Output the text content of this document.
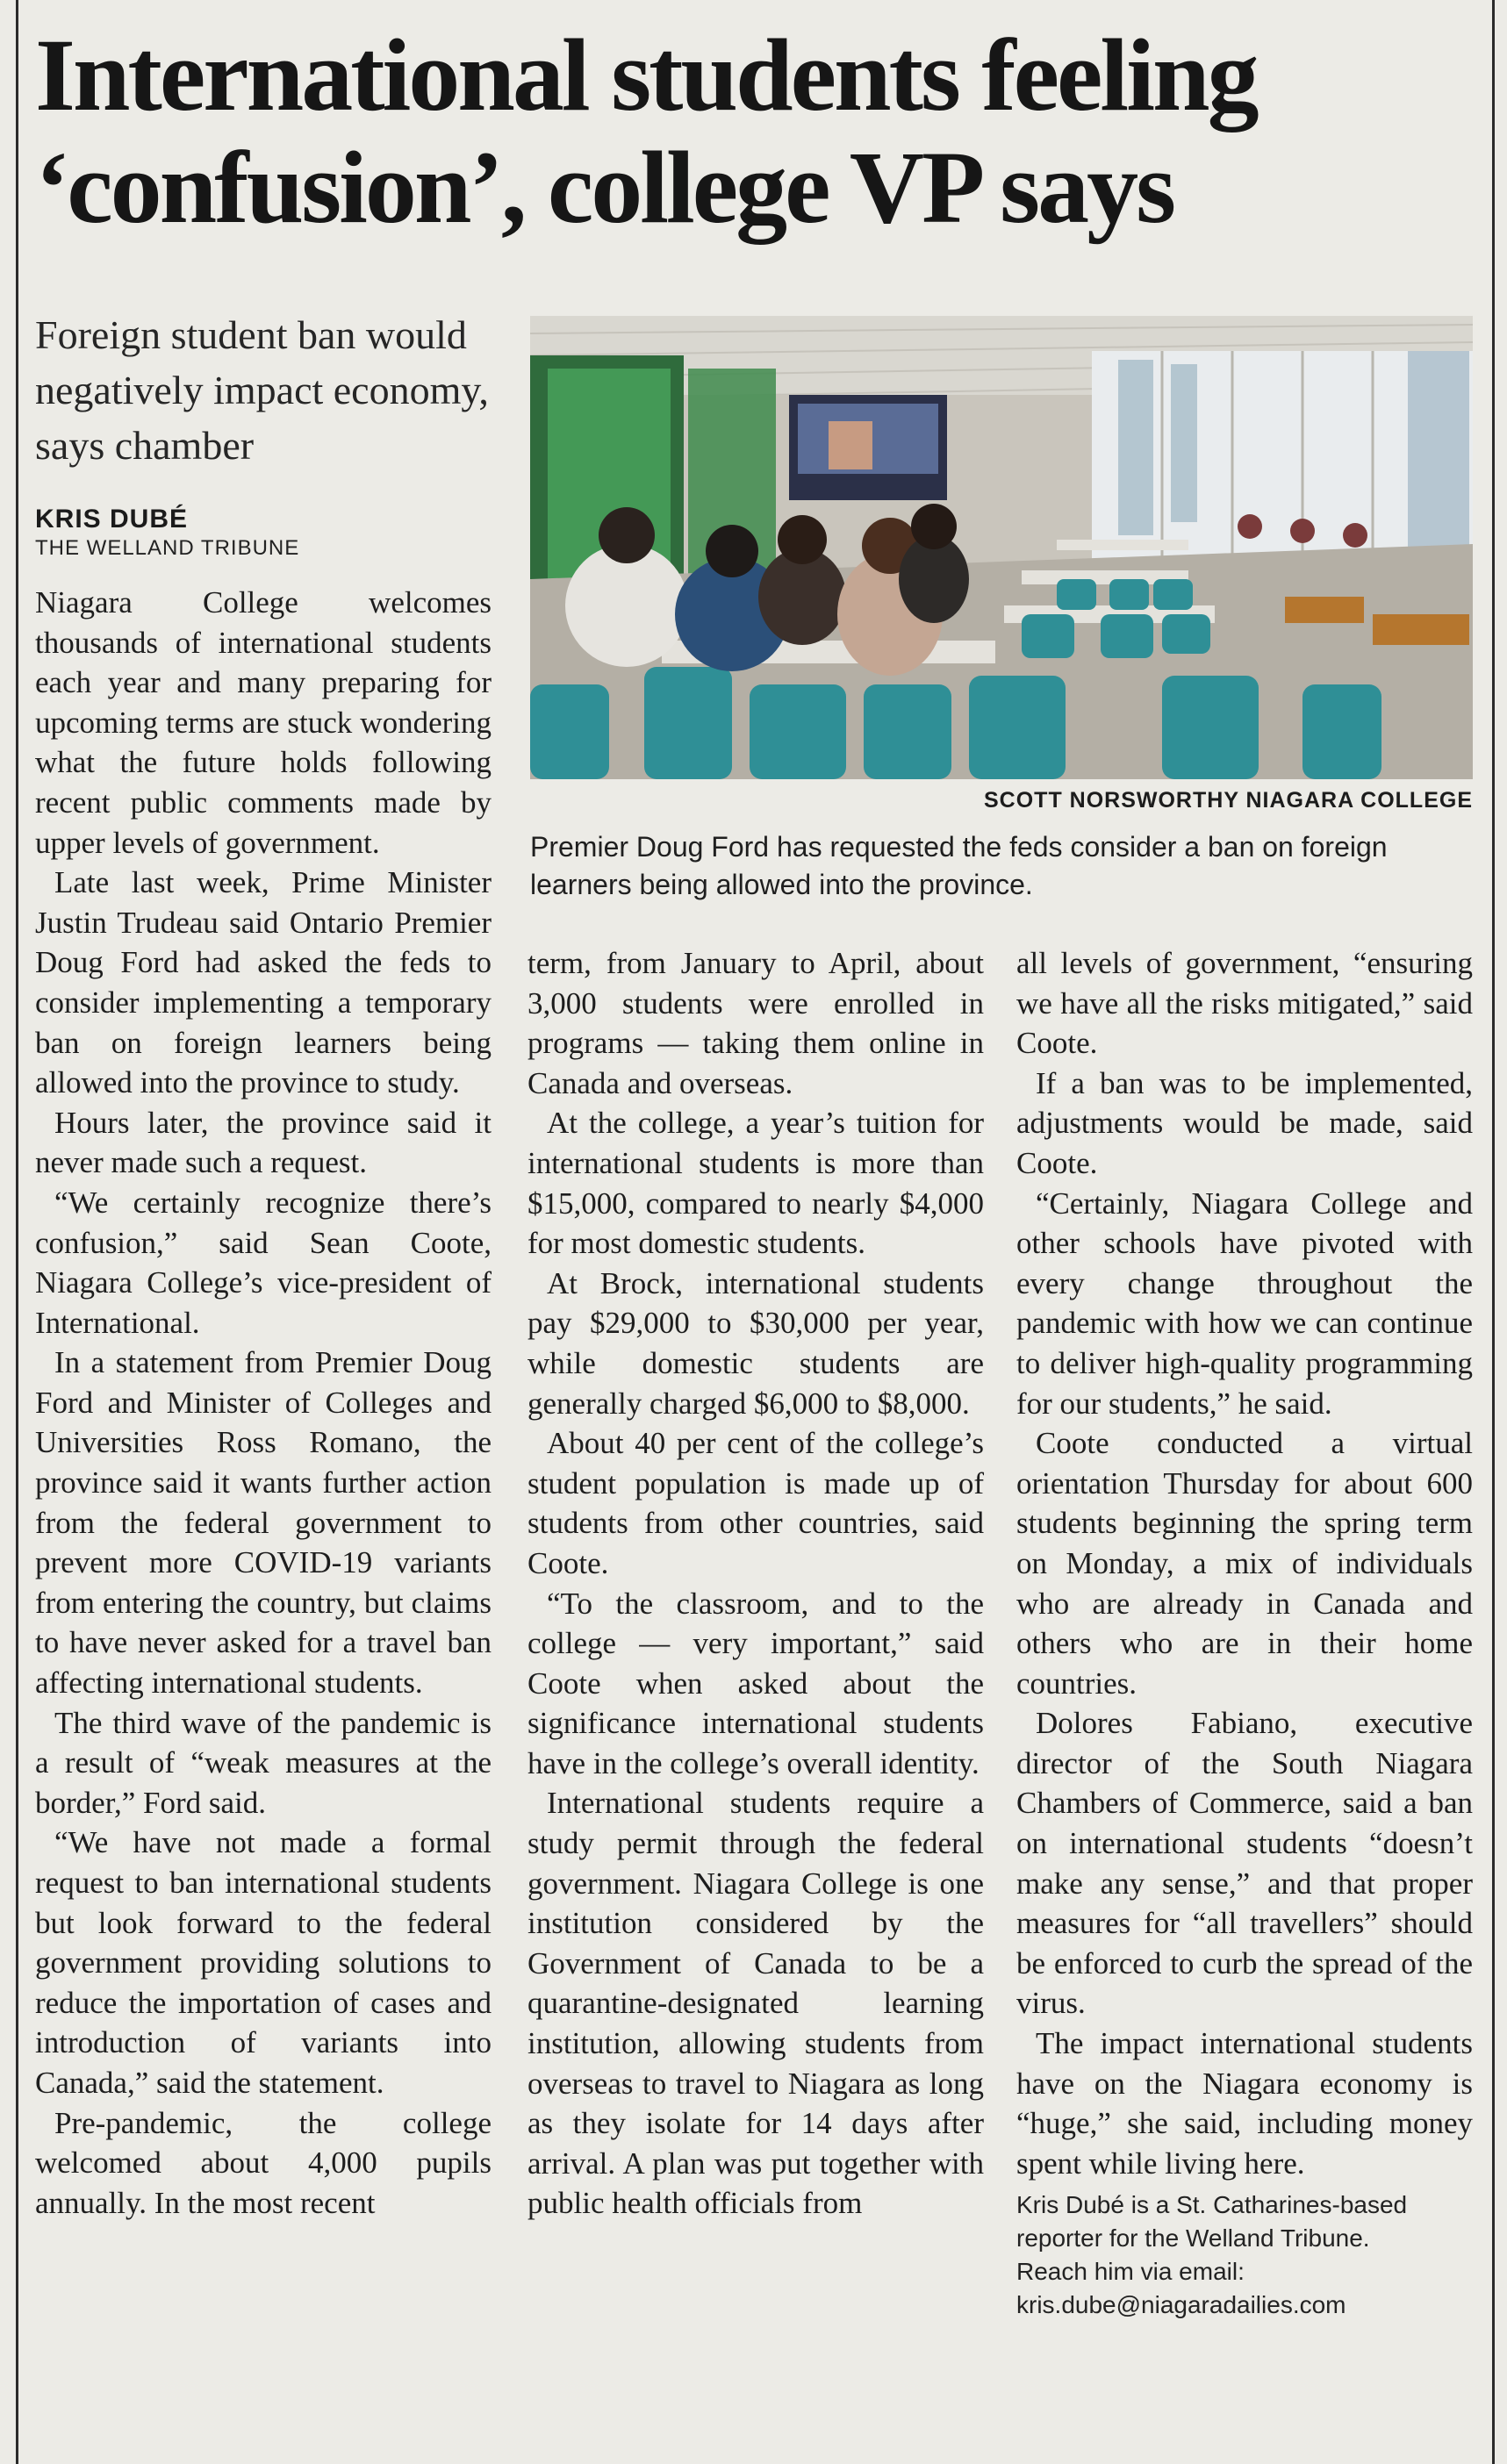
International students feeling ‘confusion’, college VP says

Foreign student ban would negatively impact economy, says chamber

KRIS DUBÉ
THE WELLAND TRIBUNE
SCOTT NORSWORTHY NIAGARA COLLEGE

Premier Doug Ford has requested the feds consider a ban on foreign learners being allowed into the province.

Niagara College welcomes thousands of international students each year and many preparing for upcoming terms are stuck wondering what the future holds following recent public comments made by upper levels of government.

Late last week, Prime Minister Justin Trudeau said Ontario Premier Doug Ford had asked the feds to consider implementing a temporary ban on foreign learners being allowed into the province to study.

Hours later, the province said it never made such a request.

“We certainly recognize there’s confusion,” said Sean Coote, Niagara College’s vice-president of International.

In a statement from Premier Doug Ford and Minister of Colleges and Universities Ross Romano, the province said it wants further action from the federal government to prevent more COVID-19 variants from entering the country, but claims to have never asked for a travel ban affecting international students.

The third wave of the pandemic is a result of “weak measures at the border,” Ford said.

“We have not made a formal request to ban international students but look forward to the federal government providing solutions to reduce the importation of cases and introduction of variants into Canada,” said the statement.

Pre-pandemic, the college welcomed about 4,000 pupils annually. In the most recent

term, from January to April, about 3,000 students were enrolled in programs — taking them online in Canada and overseas.

At the college, a year’s tuition for international students is more than $15,000, compared to nearly $4,000 for most domestic students.

At Brock, international students pay $29,000 to $30,000 per year, while domestic students are generally charged $6,000 to $8,000.

About 40 per cent of the college’s student population is made up of students from other countries, said Coote.

“To the classroom, and to the college — very important,” said Coote when asked about the significance international students have in the college’s overall identity.

International students require a study permit through the federal government. Niagara College is one institution considered by the Government of Canada to be a quarantine-designated learning institution, allowing students from overseas to travel to Niagara as long as they isolate for 14 days after arrival. A plan was put together with public health officials from

all levels of government, “ensuring we have all the risks mitigated,” said Coote.

If a ban was to be implemented, adjustments would be made, said Coote.

“Certainly, Niagara College and other schools have pivoted with every change throughout the pandemic with how we can continue to deliver high-quality programming for our students,” he said.

Coote conducted a virtual orientation Thursday for about 600 students beginning the spring term on Monday, a mix of individuals who are already in Canada and others who are in their home countries.

Dolores Fabiano, executive director of the South Niagara Chambers of Commerce, said a ban on international students “doesn’t make any sense,” and that proper measures for “all travellers” should be enforced to curb the spread of the virus.

The impact international students have on the Niagara economy is “huge,” she said, including money spent while living here.

Kris Dubé is a St. Catharines-based
reporter for the Welland Tribune.
Reach him via email:
kris.dube@niagaradailies.com
